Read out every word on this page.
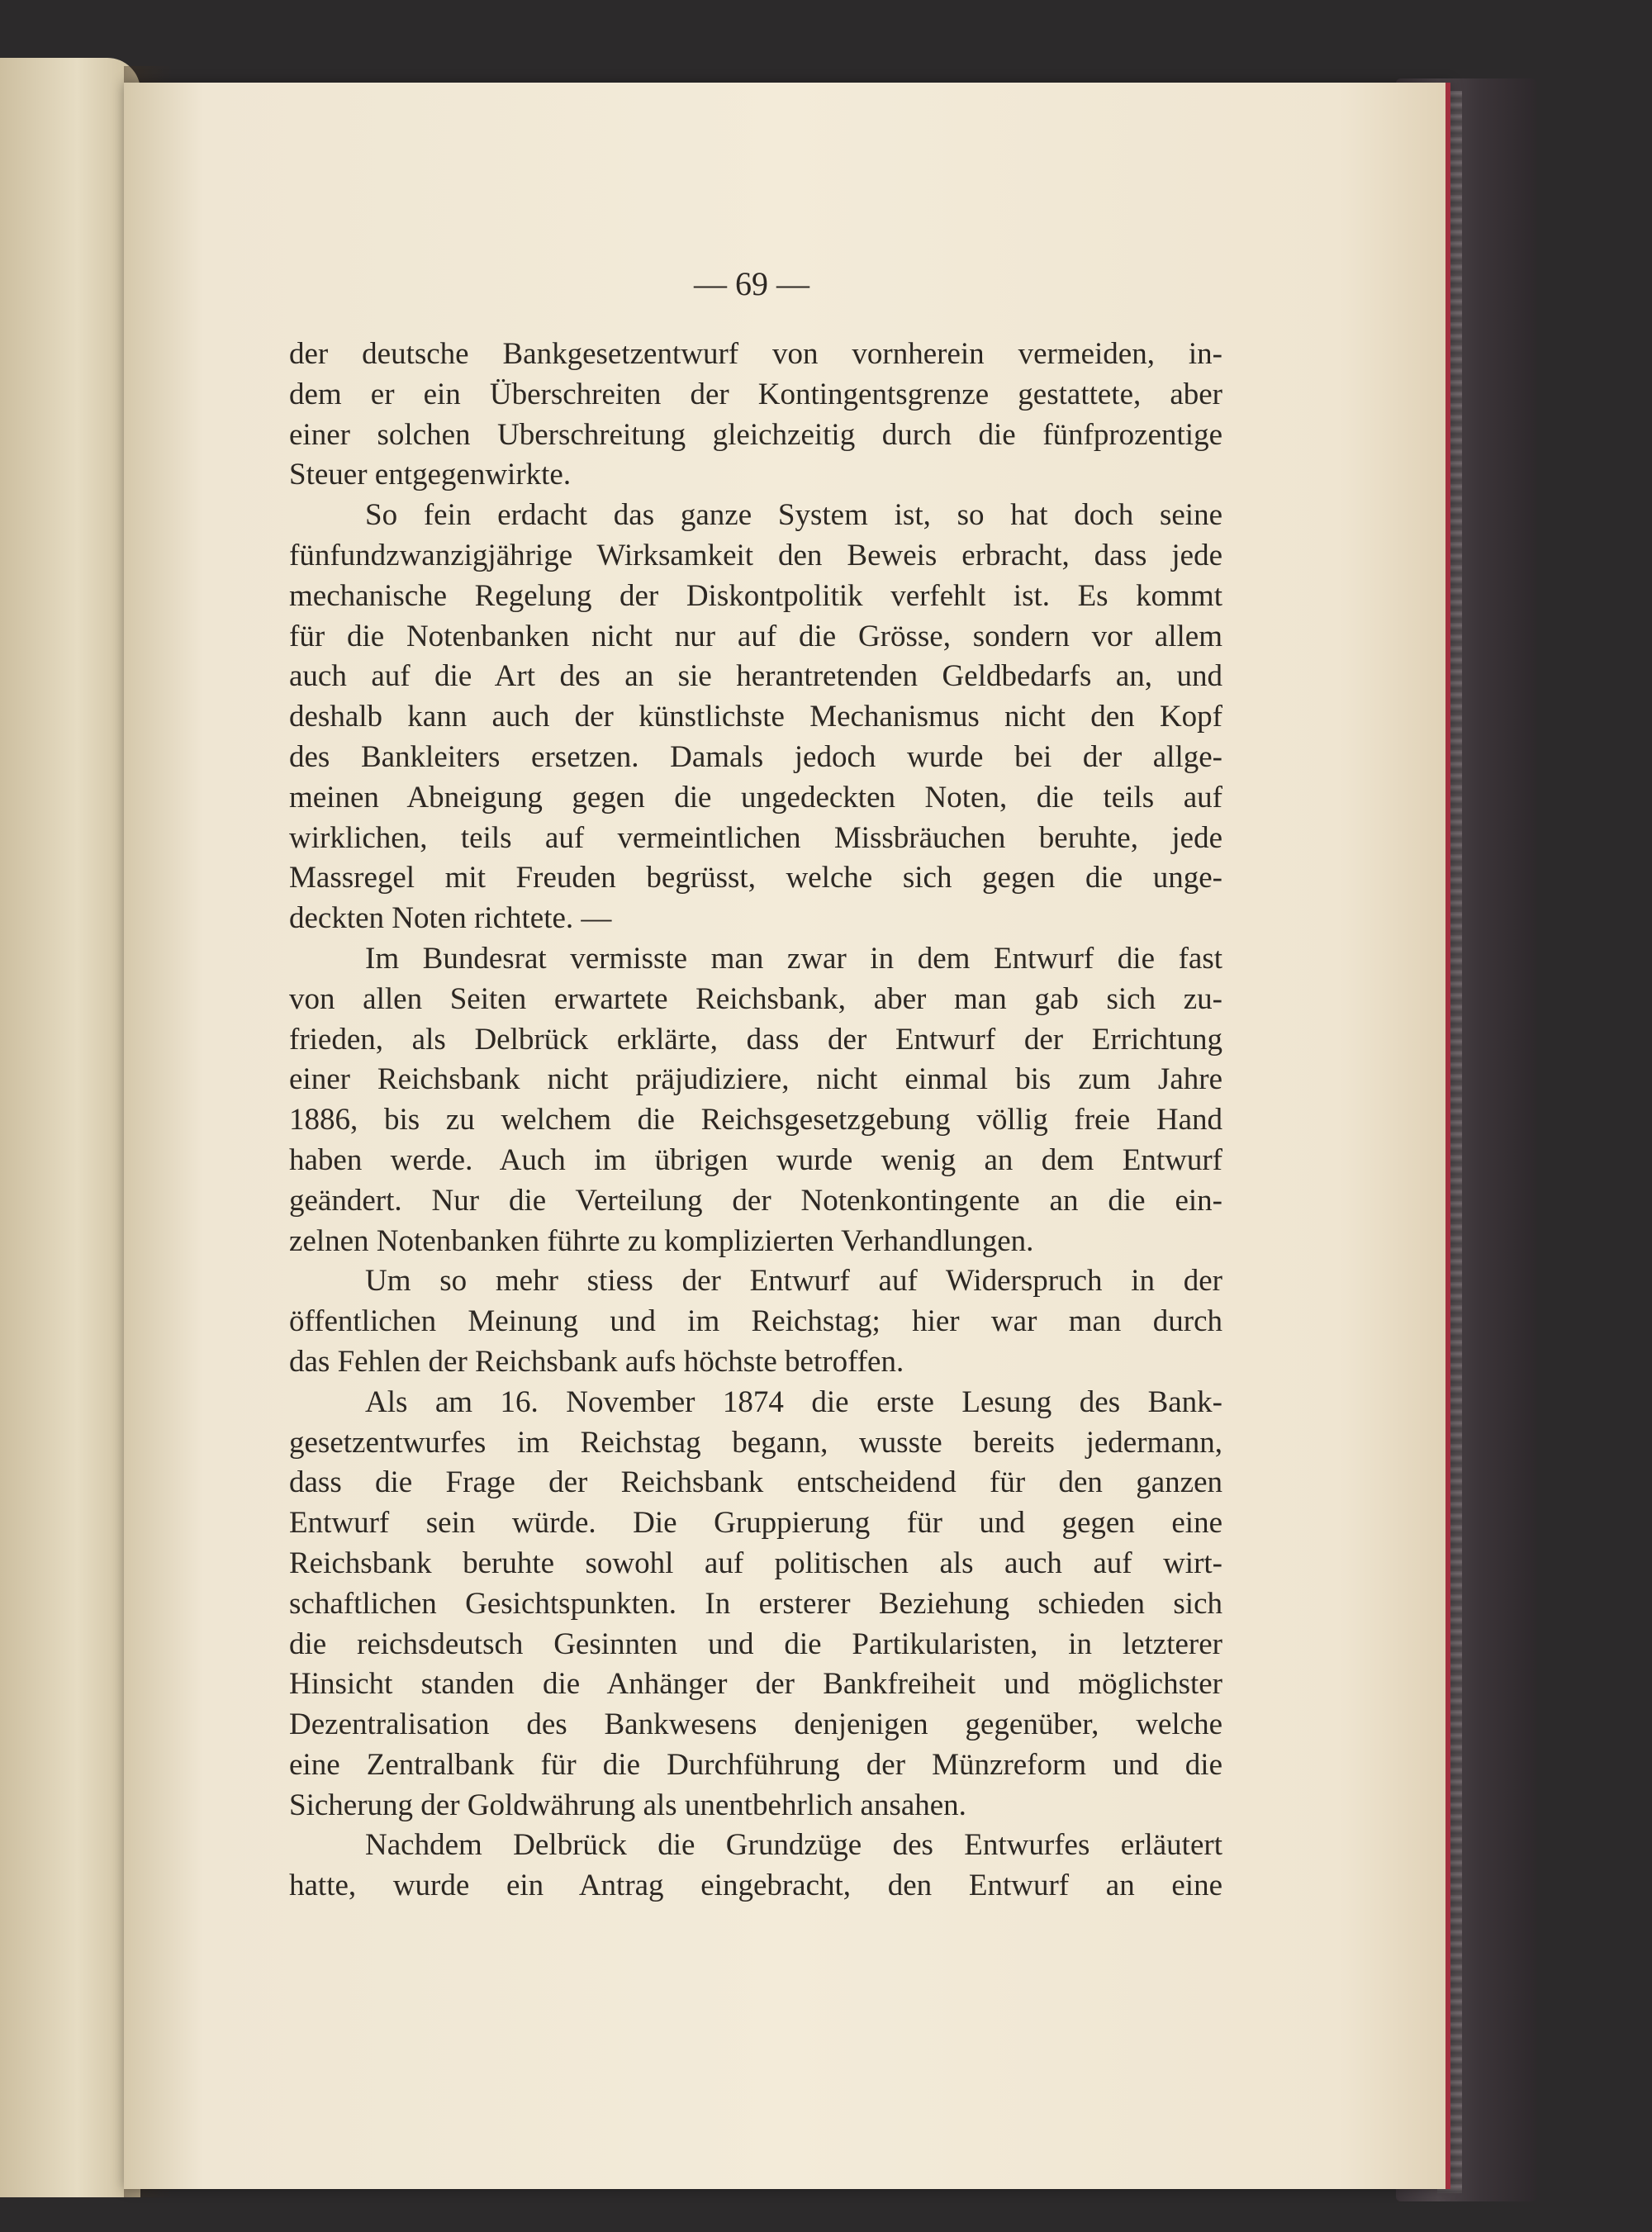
— 69 —
der deutsche Bankgesetzentwurf von vornherein vermeiden, in-
dem er ein Überschreiten der Kontingentsgrenze gestattete, aber
einer solchen Uberschreitung gleichzeitig durch die fünfprozentige
Steuer entgegenwirkte.
So fein erdacht das ganze System ist, so hat doch seine
fünfundzwanzigjährige Wirksamkeit den Beweis erbracht, dass jede
mechanische Regelung der Diskontpolitik verfehlt ist. Es kommt
für die Notenbanken nicht nur auf die Grösse, sondern vor allem
auch auf die Art des an sie herantretenden Geldbedarfs an, und
deshalb kann auch der künstlichste Mechanismus nicht den Kopf
des Bankleiters ersetzen. Damals jedoch wurde bei der allge-
meinen Abneigung gegen die ungedeckten Noten, die teils auf
wirklichen, teils auf vermeintlichen Missbräuchen beruhte, jede
Massregel mit Freuden begrüsst, welche sich gegen die unge-
deckten Noten richtete. —
Im Bundesrat vermisste man zwar in dem Entwurf die fast
von allen Seiten erwartete Reichsbank, aber man gab sich zu-
frieden, als Delbrück erklärte, dass der Entwurf der Errichtung
einer Reichsbank nicht präjudiziere, nicht einmal bis zum Jahre
1886, bis zu welchem die Reichsgesetzgebung völlig freie Hand
haben werde. Auch im übrigen wurde wenig an dem Entwurf
geändert. Nur die Verteilung der Notenkontingente an die ein-
zelnen Notenbanken führte zu komplizierten Verhandlungen.
Um so mehr stiess der Entwurf auf Widerspruch in der
öffentlichen Meinung und im Reichstag; hier war man durch
das Fehlen der Reichsbank aufs höchste betroffen.
Als am 16. November 1874 die erste Lesung des Bank-
gesetzentwurfes im Reichstag begann, wusste bereits jedermann,
dass die Frage der Reichsbank entscheidend für den ganzen
Entwurf sein würde. Die Gruppierung für und gegen eine
Reichsbank beruhte sowohl auf politischen als auch auf wirt-
schaftlichen Gesichtspunkten. In ersterer Beziehung schieden sich
die reichsdeutsch Gesinnten und die Partikularisten, in letzterer
Hinsicht standen die Anhänger der Bankfreiheit und möglichster
Dezentralisation des Bankwesens denjenigen gegenüber, welche
eine Zentralbank für die Durchführung der Münzreform und die
Sicherung der Goldwährung als unentbehrlich ansahen.
Nachdem Delbrück die Grundzüge des Entwurfes erläutert
hatte, wurde ein Antrag eingebracht, den Entwurf an eine
